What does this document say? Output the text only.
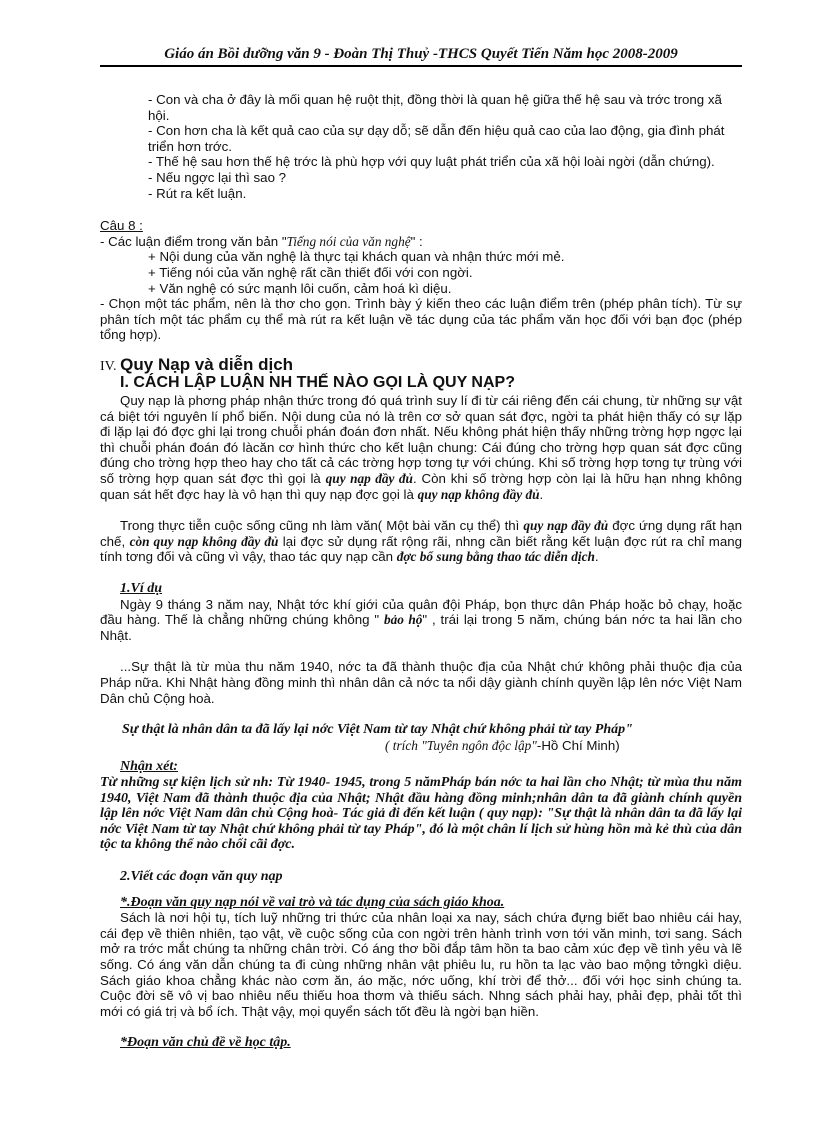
Giáo án Bồi dưỡng văn 9 - Đoàn Thị Thuỷ -THCS Quyết Tiến Năm học 2008-2009

- Con và cha ở đây là mối quan hệ ruột thịt, đồng thời là quan hệ giữa thế hệ sau và trớc trong xã hội.

- Con hơn cha là kết quả cao của sự dạy dỗ; sẽ dẫn đến hiệu quả cao của lao động, gia đình phát triển hơn trớc.

- Thế hệ sau hơn thế hệ trớc là phù hợp với quy luật phát triển của xã hội loài ngời (dẫn chứng).

- Nếu ngợc lại thì sao ?

- Rút ra kết luận.

Câu 8 :

- Các luận điểm trong văn bản "Tiếng nói của văn nghệ" :

+ Nội dung của văn nghệ là thực tại khách quan và nhận thức mới mẻ.

+ Tiếng nói của văn nghệ rất cần thiết đối với con ngời.

+ Văn nghệ có sức mạnh lôi cuốn, cảm hoá kì diệu.

- Chọn một tác phẩm, nên là thơ cho gọn. Trình bày ý kiến theo các luận điểm trên (phép phân tích). Từ sự phân tích một tác phẩm cụ thể mà rút ra kết luận về tác dụng của tác phẩm văn học đối với bạn đọc (phép tổng hợp).

IV. Quy Nạp và diễn dịch

I. CÁCH LẬP LUẬN NH THẾ NÀO GỌI LÀ QUY NẠP?

Quy nạp là phơng pháp nhận thức trong đó quá trình suy lí đi từ cái riêng đến cái chung, từ những sự vật cá biệt tới nguyên lí phổ biến. Nội dung của nó là trên cơ sở quan sát đợc, ngời ta phát hiện thấy có sự lặp đi lặp lại đó đợc ghi lại trong chuỗi phán đoán đơn nhất. Nếu không phát hiện thấy những trờng hợp ngợc lại thì chuỗi phán đoán đó làcăn cơ hình thức cho kết luận chung: Cái đúng cho trờng hợp quan sát đợc cũng đúng cho trờng hợp theo hay cho tất cả các trờng hợp tơng tự với chúng. Khi số trờng hợp tơng tự trùng với số trờng hợp quan sát đợc thì gọi là quy nạp đầy đủ. Còn khi số trờng hợp còn lại là hữu hạn nhng không quan sát hết đợc hay là vô hạn thì quy nạp đợc gọi là quy nạp không đầy đủ.

Trong thực tiễn cuộc sống cũng nh làm văn( Một bài văn cụ thể) thì quy nạp đầy đủ đợc ứng dụng rất hạn chế, còn quy nạp không đầy đủ lại đợc sử dụng rất rộng rãi, nhng cần biết rằng kết luận đợc rút ra chỉ mang tính tơng đối và cũng vì vậy, thao tác quy nạp cần đợc bổ sung bằng thao tác diễn dịch.

1.Ví dụ

Ngày 9 tháng 3 năm nay, Nhật tớc khí giới của quân đội Pháp, bọn thực dân Pháp hoặc bỏ chạy, hoặc đầu hàng. Thế là chẳng những chúng không " bảo hộ" , trái lại trong 5 năm, chúng bán nớc ta hai lần cho Nhật.

...Sự thật là từ mùa thu năm 1940, nớc ta đã thành thuộc địa của Nhật chứ không phải thuộc địa của Pháp nữa. Khi Nhật hàng đồng minh thì nhân dân cả nớc ta nổi dậy giành chính quyền lập lên nớc Việt Nam Dân chủ Cộng hoà.

Sự thật là nhân dân ta đã lấy lại nớc Việt Nam từ tay Nhật chứ không phải từ tay Pháp"

( trích "Tuyên ngôn độc lập"-Hồ Chí Minh)

Nhận xét:

Từ những sự kiện lịch sử nh: Từ 1940- 1945, trong 5 nămPháp bán nớc ta hai lần cho Nhật; từ mùa thu năm 1940, Việt Nam đã thành thuộc địa của Nhật; Nhật đầu hàng đồng minh;nhân dân ta đã giành chính quyền lập lên nớc Việt Nam dân chủ Cộng hoà- Tác giả đi đến kết luận ( quy nạp): "Sự thật là nhân dân ta đã lấy lại nớc Việt Nam từ tay Nhật chứ không phải từ tay Pháp", đó là một chân lí lịch sử hùng hồn mà kẻ thù của dân tộc ta không thể nào chối cãi đợc.

2.Viết các đoạn văn quy nạp

*.Đoạn văn quy nạp nói về vai trò và tác dụng của sách giáo khoa.

Sách là nơi hội tụ, tích luỹ những tri thức của nhân loại xa nay, sách chứa đựng biết bao nhiêu cái hay, cái đẹp về thiên nhiên, tạo vật, về cuộc sống của con ngời trên hành trình vơn tới văn minh, tơi sang. Sách mở ra trớc mắt chúng ta những chân trời. Có áng thơ bồi đắp tâm hồn ta bao cảm xúc đẹp về tình yêu và lẽ sống. Có áng văn dẫn chúng ta đi cùng những nhân vật phiêu lu, ru hồn ta lạc vào bao mộng tởngkì diệu. Sách giáo khoa chẳng khác nào cơm ăn, áo mặc, nớc uống, khí trời để thở... đối với học sinh chúng ta. Cuộc đời sẽ vô vị bao nhiêu nếu thiếu hoa thơm và thiếu sách. Nhng sách phải hay, phải đẹp, phải tốt thì mới có giá trị và bổ ích. Thật vậy, mọi quyển sách tốt đều là ngời bạn hiền.

*Đoạn văn chủ đề về học tập.
